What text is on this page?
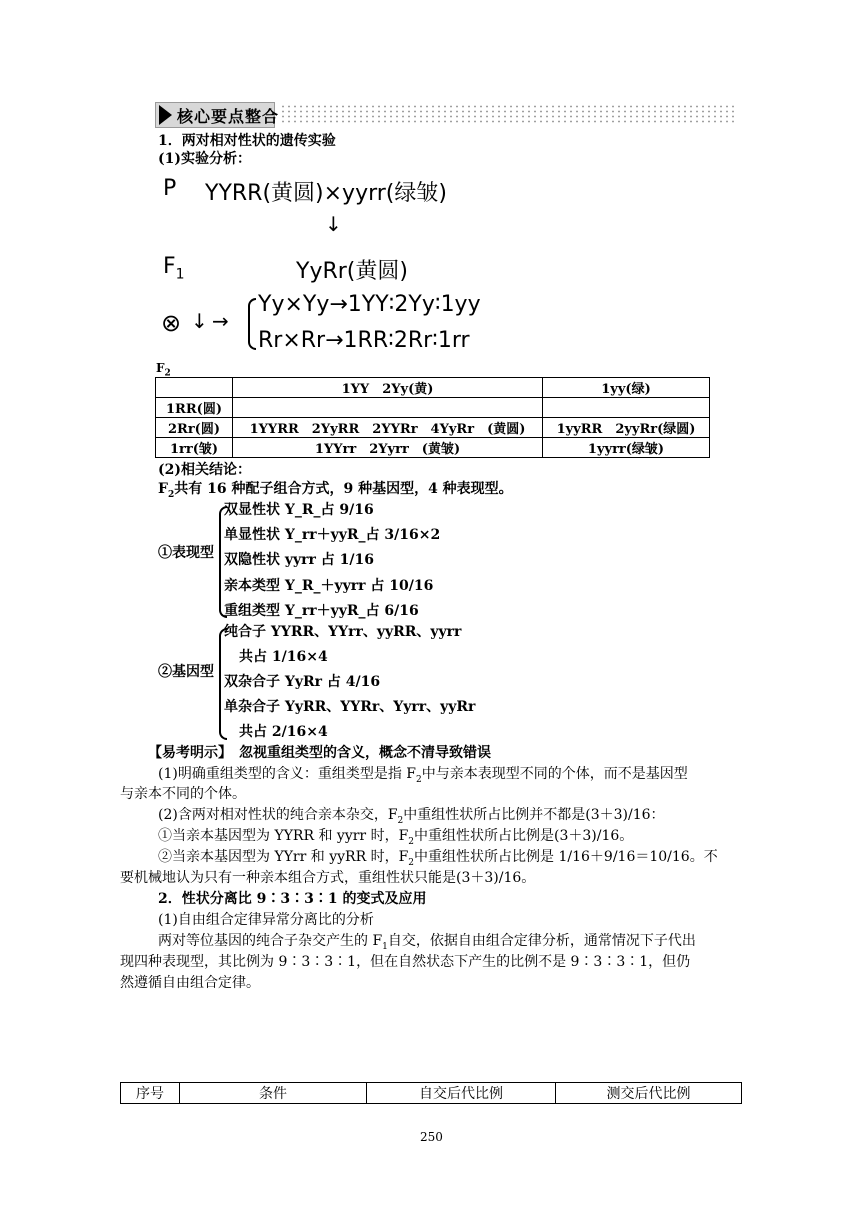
核心要点整合
1．两对相对性状的遗传实验
(1)实验分析：
P YYRR(黄圆)×yyrr(绿皱)
↓
$F_1$	YyRr(黄圆)
⊗ ↓ →
Yy×Yy→1YY∶2Yy∶1yy
Rr×Rr→1RR∶2Rr∶1rr
$F_2$
	1YY　2Yy(黄)	1yy(绿)
1RR(圆)		
2Rr(圆)	1YYRR　2YyRR　2YYRr　4YyRr　(黄圆)	1yyRR　2yyRr(绿圆)
1rr(皱)	1YYrr　2Yyrr　(黄皱)	1yyrr(绿皱)
(2)相关结论：
$F_2$共有 16 种配子组合方式，9 种基因型，4 种表现型。
①表现型
双显性状 Y_R_占 9/16
单显性状 Y_rr＋yyR_占 3/16×2
双隐性状 yyrr 占 1/16
亲本类型 Y_R_＋yyrr 占 10/16
重组类型 Y_rr＋yyR_占 6/16
②基因型
纯合子 YYRR、YYrr、yyRR、yyrr
共占 1/16×4
双杂合子 YyRr 占 4/16
单杂合子 YyRR、YYRr、Yyrr、yyRr
共占 2/16×4
【易考明示】　忽视重组类型的含义，概念不清导致错误
(1)明确重组类型的含义：重组类型是指 $F_2$中与亲本表现型不同的个体，而不是基因型
与亲本不同的个体。
(2)含两对相对性状的纯合亲本杂交，$F_2$中重组性状所占比例并不都是(3＋3)/16：
①当亲本基因型为 YYRR 和 yyrr 时，$F_2$中重组性状所占比例是(3＋3)/16。
②当亲本基因型为 YYrr 和 yyRR 时，$F_2$中重组性状所占比例是 1/16＋9/16＝10/16。不
要机械地认为只有一种亲本组合方式，重组性状只能是(3＋3)/16。
2．性状分离比 9∶3∶3∶1 的变式及应用
(1)自由组合定律异常分离比的分析
两对等位基因的纯合子杂交产生的 $F_1$自交，依据自由组合定律分析，通常情况下子代出
现四种表现型，其比例为 9∶3∶3∶1，但在自然状态下产生的比例不是 9∶3∶3∶1，但仍
然遵循自由组合定律。
序号	条件	自交后代比例	测交后代比例
250
